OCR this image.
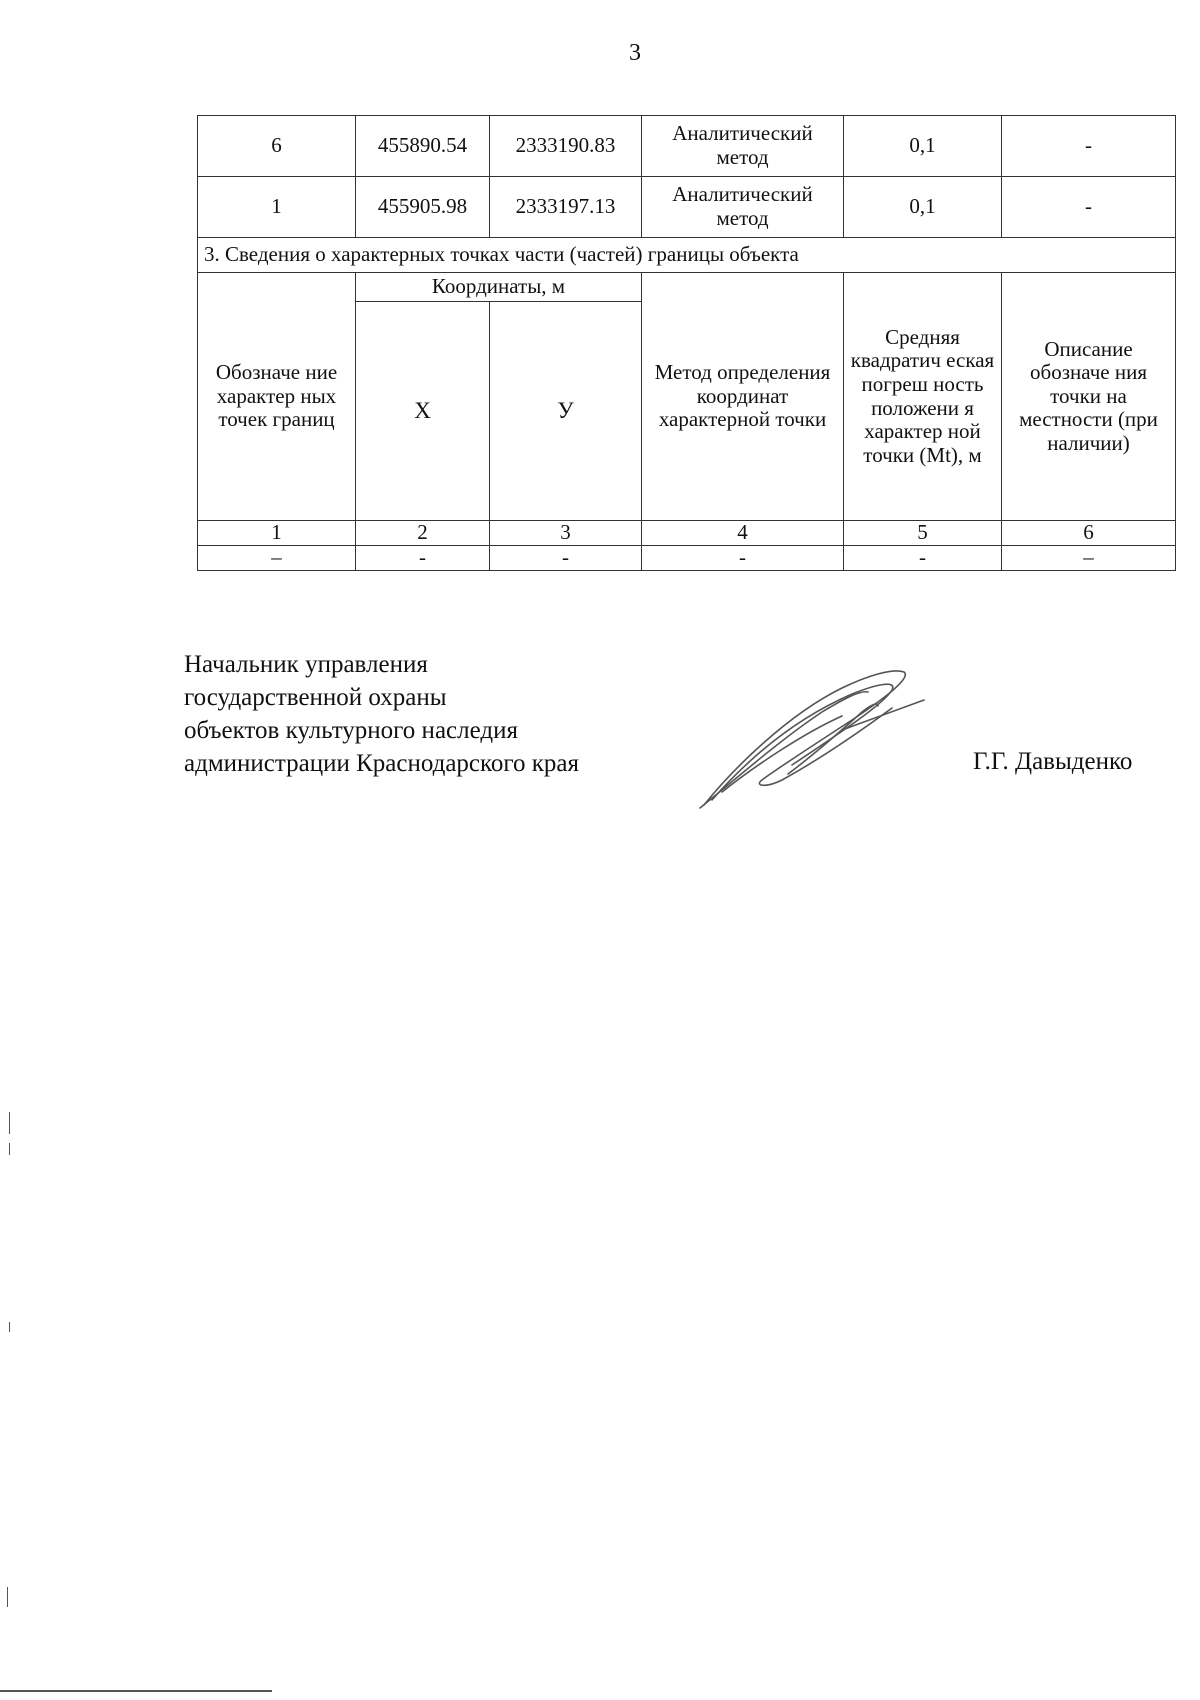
3
6	455890.54	2333190.83	Аналитический метод	0,1	-
1	455905.98	2333197.13	Аналитический метод	0,1	-
3. Сведения о характерных точках части (частей) границы объекта					
Обозначе ние характер ных точек границ	Координаты, м		Метод определения координат характерной точки	Средняя квадратич еская погреш ность положени я характер ной точки (Mt), м	Описание обозначе ния точки на местности (при наличии)
	Х	У			
1	2	3	4	5	6
–	-	-	-	-	–
Начальник управления
государственной охраны
объектов культурного наследия
администрации Краснодарского края	Г.Г. Давыденко
